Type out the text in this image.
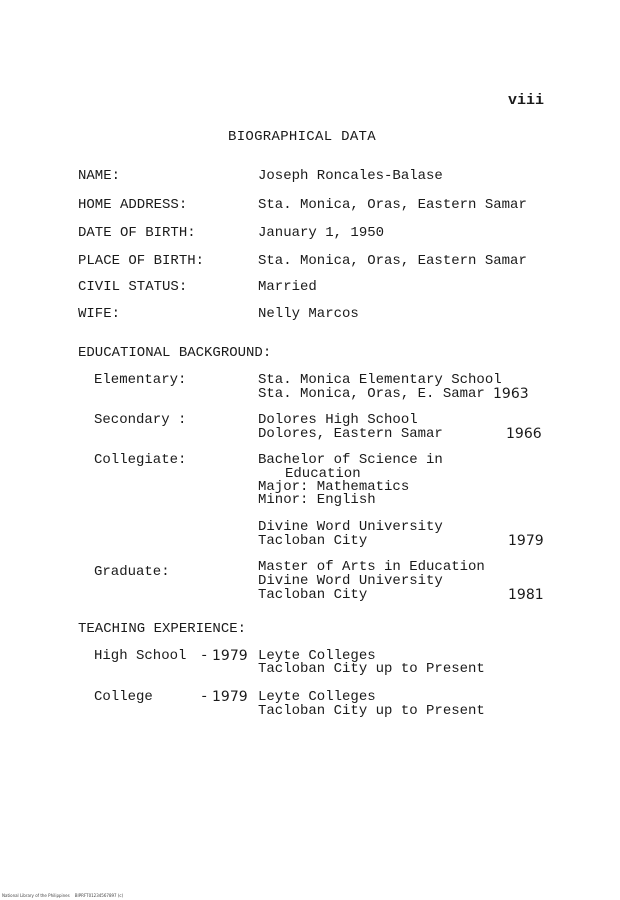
viii
BIOGRAPHICAL DATA
NAME:	Joseph Roncales-Balase
HOME ADDRESS:	Sta. Monica, Oras, Eastern Samar
DATE OF BIRTH:	January 1, 1950
PLACE OF BIRTH:	Sta. Monica, Oras, Eastern Samar
CIVIL STATUS:	Married
WIFE:	Nelly Marcos
EDUCATIONAL BACKGROUND:
Elementary:	Sta. Monica Elementary School
Sta. Monica, Oras, E. Samar 1963
Secondary :	Dolores High School
Dolores, Eastern Samar	1966
Collegiate:	Bachelor of Science in
Education
Major: Mathematics
Minor: English
Divine Word University
Tacloban City	1979
Graduate:	Master of Arts in Education
Divine Word University
Tacloban City	1981
TEACHING EXPERIENCE:
High School - 1979 Leyte Colleges
Tacloban City up to Present
College	- 1979 Leyte Colleges
Tacloban City up to Present
National Library of the Philippines    BIPRFT01234567897 (c)
